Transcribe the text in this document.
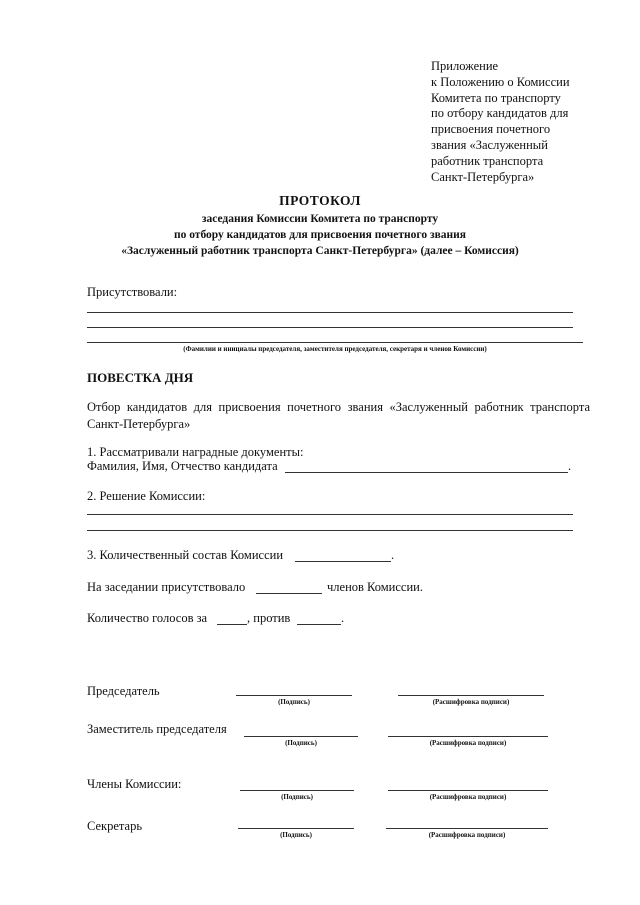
Приложение
к Положению о Комиссии
Комитета по транспорту
по отбору кандидатов для
присвоения почетного
звания «Заслуженный
работник транспорта
Санкт-Петербурга»
ПРОТОКОЛ
заседания Комиссии Комитета по транспорту
по отбору кандидатов для присвоения почетного звания
«Заслуженный работник транспорта Санкт-Петербурга» (далее – Комиссия)
Присутствовали:
(Фамилии и инициалы председателя, заместителя председателя, секретаря и членов Комиссии)
ПОВЕСТКА ДНЯ
Отбор кандидатов для присвоения почетного звания «Заслуженный работник транспорта Санкт-Петербурга»
1. Рассматривали наградные документы:
Фамилия, Имя, Отчество кандидата	.
2. Решение Комиссии:
3. Количественный состав Комиссии	.
На заседании присутствовало	членов Комиссии.
Количество голосов за	, против	.
Председатель
(Подпись)	(Расшифровка подписи)
Заместитель председателя
(Подпись)	(Расшифровка подписи)
Члены Комиссии:
(Подпись)	(Расшифровка подписи)
Секретарь
(Подпись)	(Расшифровка подписи)
